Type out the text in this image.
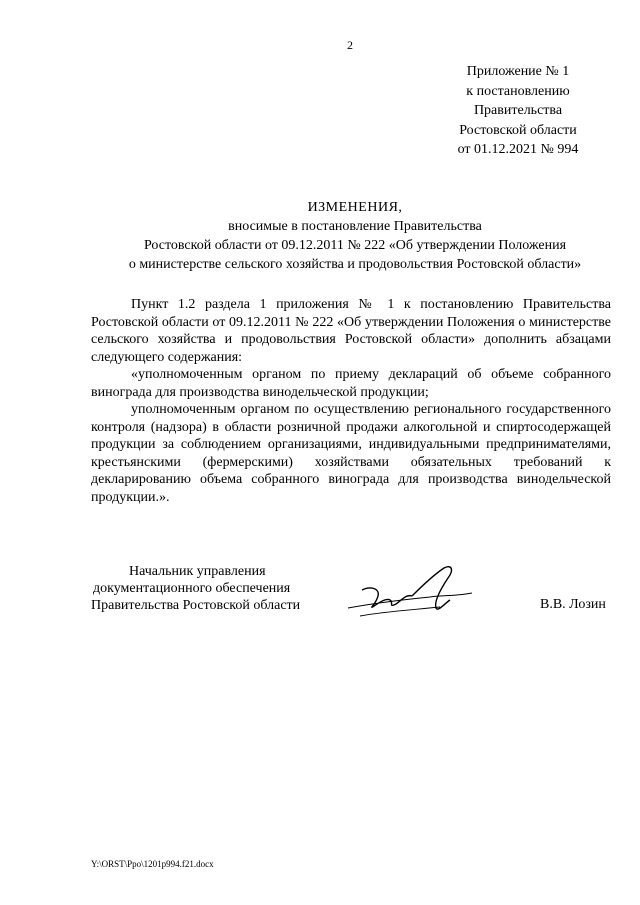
2
Приложение № 1
к постановлению
Правительства
Ростовской области
от 01.12.2021 № 994
ИЗМЕНЕНИЯ,
вносимые в постановление Правительства
Ростовской области от 09.12.2011 № 222 «Об утверждении Положения
о министерстве сельского хозяйства и продовольствия Ростовской области»

Пункт 1.2 раздела 1 приложения № 1 к постановлению Правительства Ростовской области от 09.12.2011 № 222 «Об утверждении Положения о министерстве сельского хозяйства и продовольствия Ростовской области» дополнить абзацами следующего содержания:

«уполномоченным органом по приему деклараций об объеме собранного винограда для производства винодельческой продукции;

уполномоченным органом по осуществлению регионального государственного контроля (надзора) в области розничной продажи алкогольной и спиртосодержащей продукции за соблюдением организациями, индивидуальными предпринимателями, крестьянскими (фермерскими) хозяйствами обязательных требований к декларированию объема собранного винограда для производства винодельческой продукции.».

Начальник управления
документационного обеспечения
Правительства Ростовской области	В.В. Лозин
Y:\ORST\Ppo\1201p994.f21.docx
